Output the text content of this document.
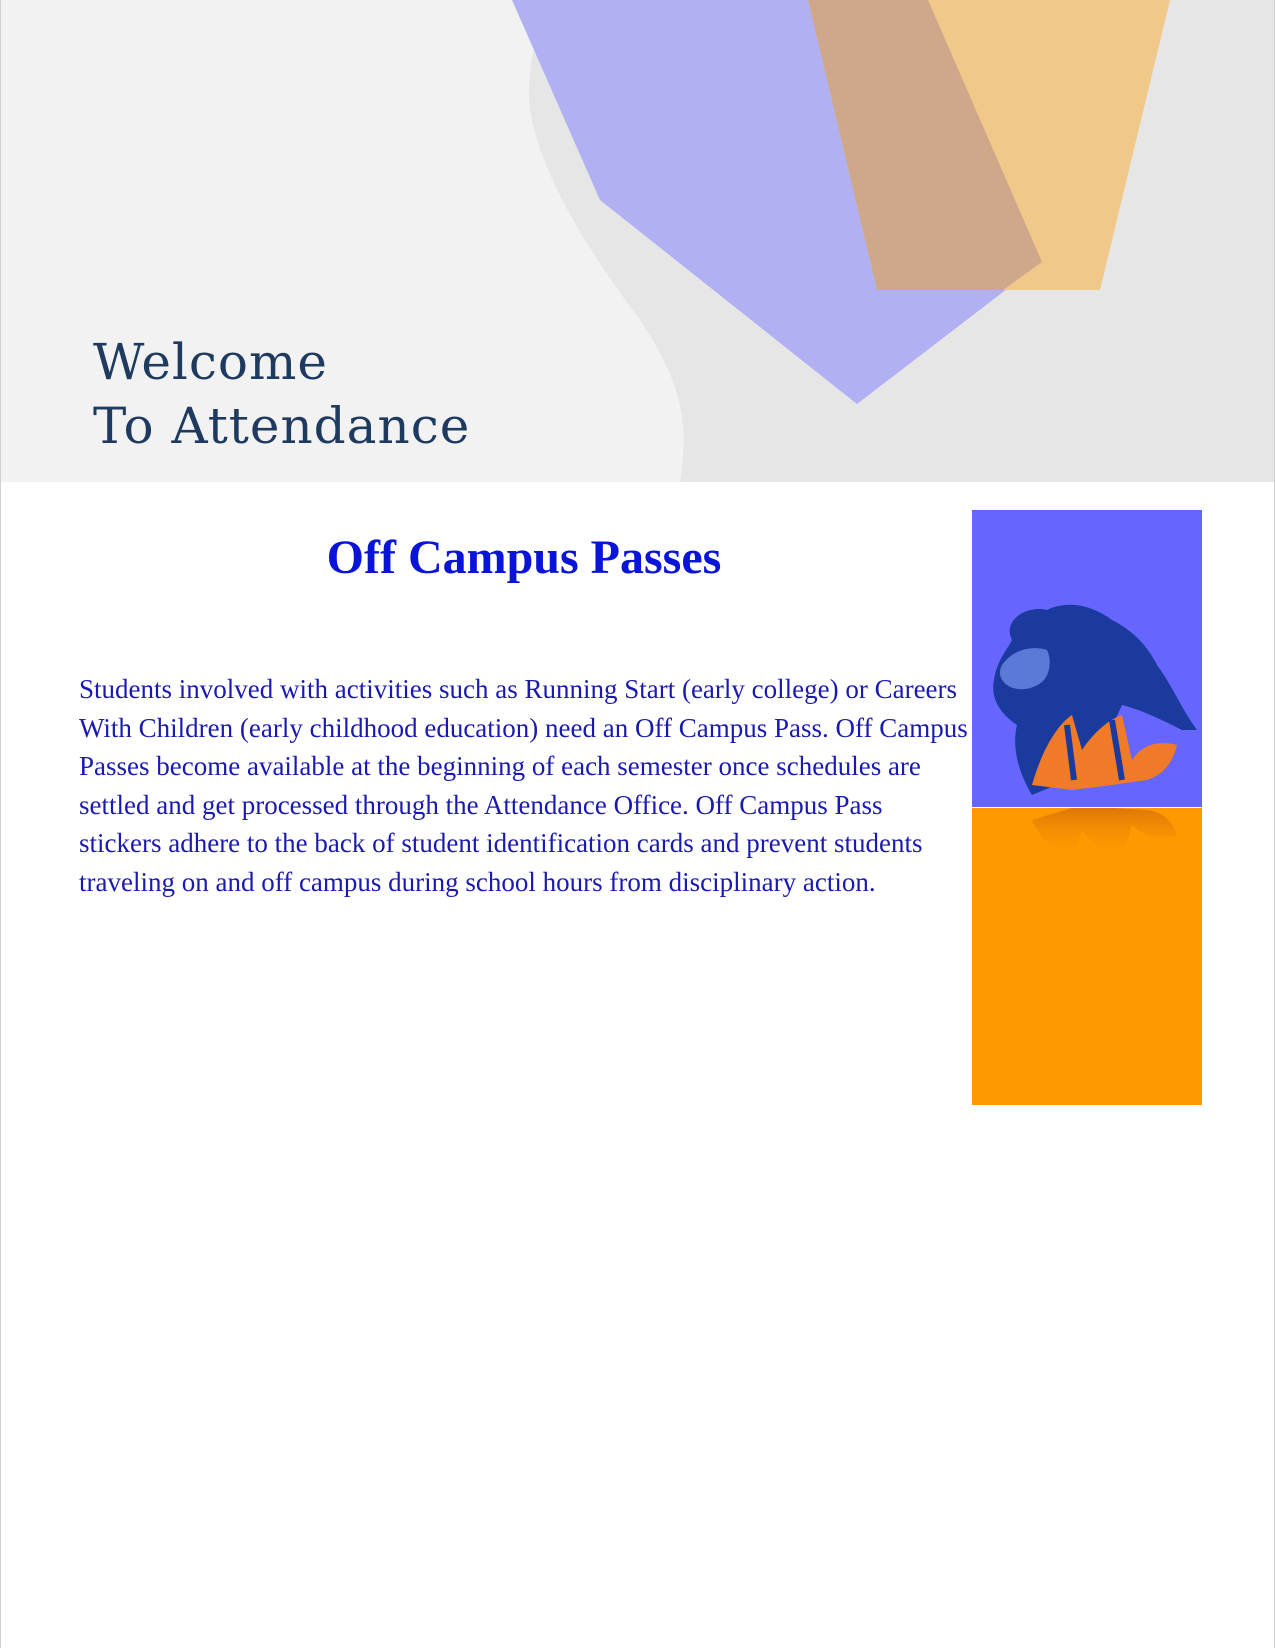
Welcome
To Attendance
Off Campus Passes

Students involved with activities such as Running Start (early college) or Careers With Children (early childhood education) need an Off Campus Pass. Off Campus Passes become available at the beginning of each semester once schedules are settled and get processed through the Attendance Office. Off Campus Pass stickers adhere to the back of student identification cards and prevent students traveling on and off campus during school hours from disciplinary action.
